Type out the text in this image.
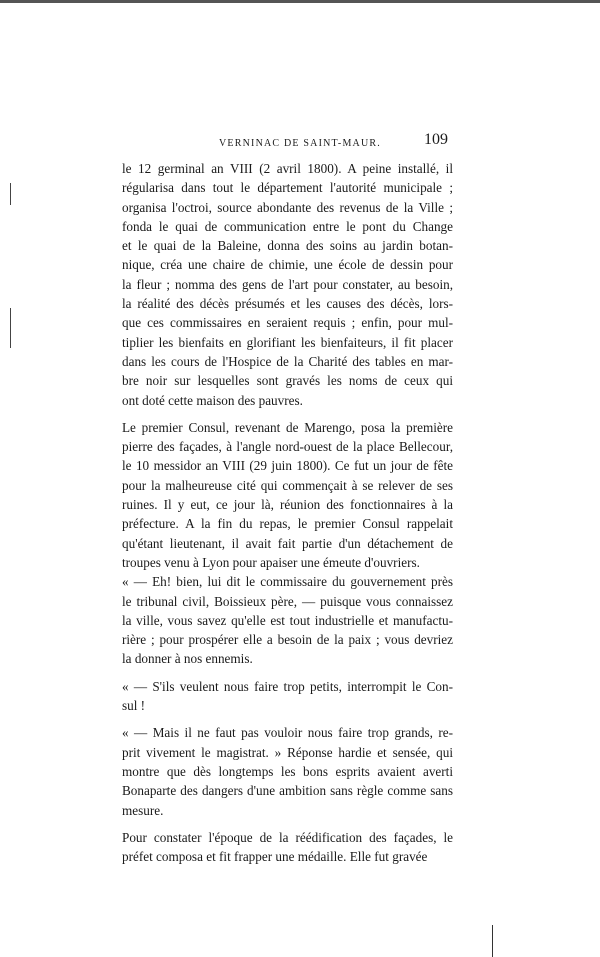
VERNINAC DE SAINT-MAUR.	109

le 12 germinal an VIII (2 avril 1800). A peine installé, il

régularisa dans tout le département l'autorité municipale ;

organisa l'octroi, source abondante des revenus de la Ville ;

fonda le quai de communication entre le pont du Change

et le quai de la Baleine, donna des soins au jardin botan-

nique, créa une chaire de chimie, une école de dessin pour

la fleur ; nomma des gens de l'art pour constater, au besoin,

la réalité des décès présumés et les causes des décès, lors-

que ces commissaires en seraient requis ; enfin, pour mul-

tiplier les bienfaits en glorifiant les bienfaiteurs, il fit placer

dans les cours de l'Hospice de la Charité des tables en mar-

bre noir sur lesquelles sont gravés les noms de ceux qui

ont doté cette maison des pauvres.

Le premier Consul, revenant de Marengo, posa la première

pierre des façades, à l'angle nord-ouest de la place Bellecour,

le 10 messidor an VIII (29 juin 1800). Ce fut un jour de fête

pour la malheureuse cité qui commençait à se relever de ses

ruines. Il y eut, ce jour là, réunion des fonctionnaires à la

préfecture. A la fin du repas, le premier Consul rappelait

qu'étant lieutenant, il avait fait partie d'un détachement de

troupes venu à Lyon pour apaiser une émeute d'ouvriers.

« — Eh! bien, lui dit le commissaire du gouvernement près

le tribunal civil, Boissieux père, — puisque vous connaissez

la ville, vous savez qu'elle est tout industrielle et manufactu-

rière ; pour prospérer elle a besoin de la paix ; vous devriez

la donner à nos ennemis.

« — S'ils veulent nous faire trop petits, interrompit le Con-

sul !

« — Mais il ne faut pas vouloir nous faire trop grands, re-

prit vivement le magistrat. » Réponse hardie et sensée, qui

montre que dès longtemps les bons esprits avaient averti

Bonaparte des dangers d'une ambition sans règle comme sans

mesure.

Pour constater l'époque de la réédification des façades, le

préfet composa et fit frapper une médaille. Elle fut gravée
